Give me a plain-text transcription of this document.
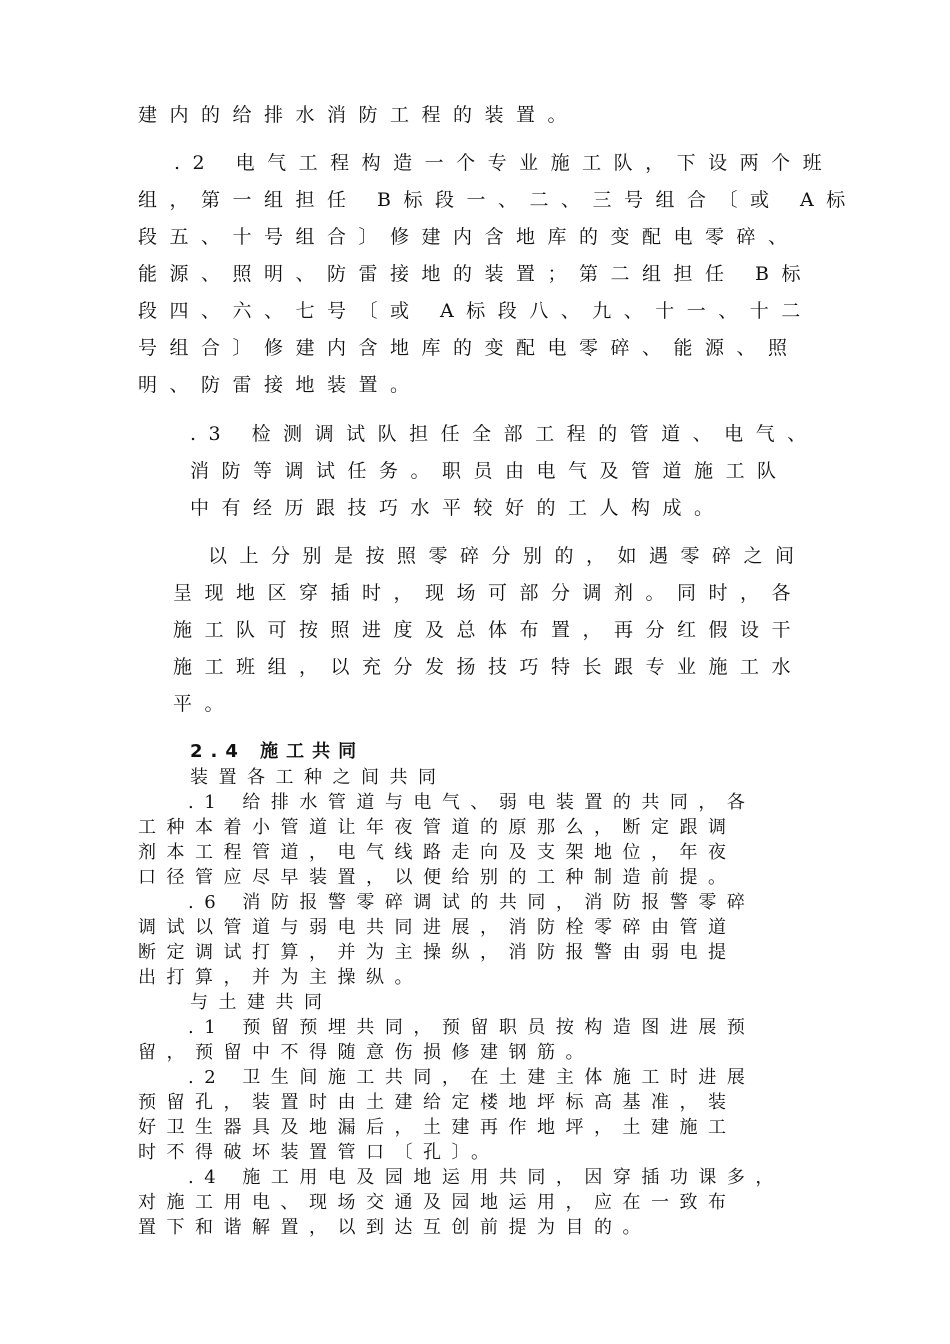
建内的给排水消防工程的装置。
.2 电气工程构造一个专业施工队，下设两个班
组，第一组担任 B标段一、二、三号组合〔或 A标
段五、十号组合〕修建内含地库的变配电零碎、
能源、照明、防雷接地的装置；第二组担任 B标
段四、六、七号〔或 A标段八、九、十一、十二
号组合〕修建内含地库的变配电零碎、能源、照
明、防雷接地装置。
.3 检测调试队担任全部工程的管道、电气、
消防等调试任务。职员由电气及管道施工队
中有经历跟技巧水平较好的工人构成。
以上分别是按照零碎分别的，如遇零碎之间
呈现地区穿插时，现场可部分调剂。同时，各
施工队可按照进度及总体布置，再分红假设干
施工班组，以充分发扬技巧特长跟专业施工水
平。
2.4 施工共同
装置各工种之间共同
.1 给排水管道与电气、弱电装置的共同，各
工种本着小管道让年夜管道的原那么，断定跟调
剂本工程管道，电气线路走向及支架地位，年夜
口径管应尽早装置，以便给别的工种制造前提。
.6 消防报警零碎调试的共同，消防报警零碎
调试以管道与弱电共同进展，消防栓零碎由管道
断定调试打算，并为主操纵，消防报警由弱电提
出打算，并为主操纵。
与土建共同
.1 预留预埋共同，预留职员按构造图进展预
留，预留中不得随意伤损修建钢筋。
.2 卫生间施工共同，在土建主体施工时进展
预留孔，装置时由土建给定楼地坪标高基准，装
好卫生器具及地漏后，土建再作地坪，土建施工
时不得破坏装置管口〔孔〕。
.4 施工用电及园地运用共同，因穿插功课多，
对施工用电、现场交通及园地运用，应在一致布
置下和谐解置，以到达互创前提为目的。
